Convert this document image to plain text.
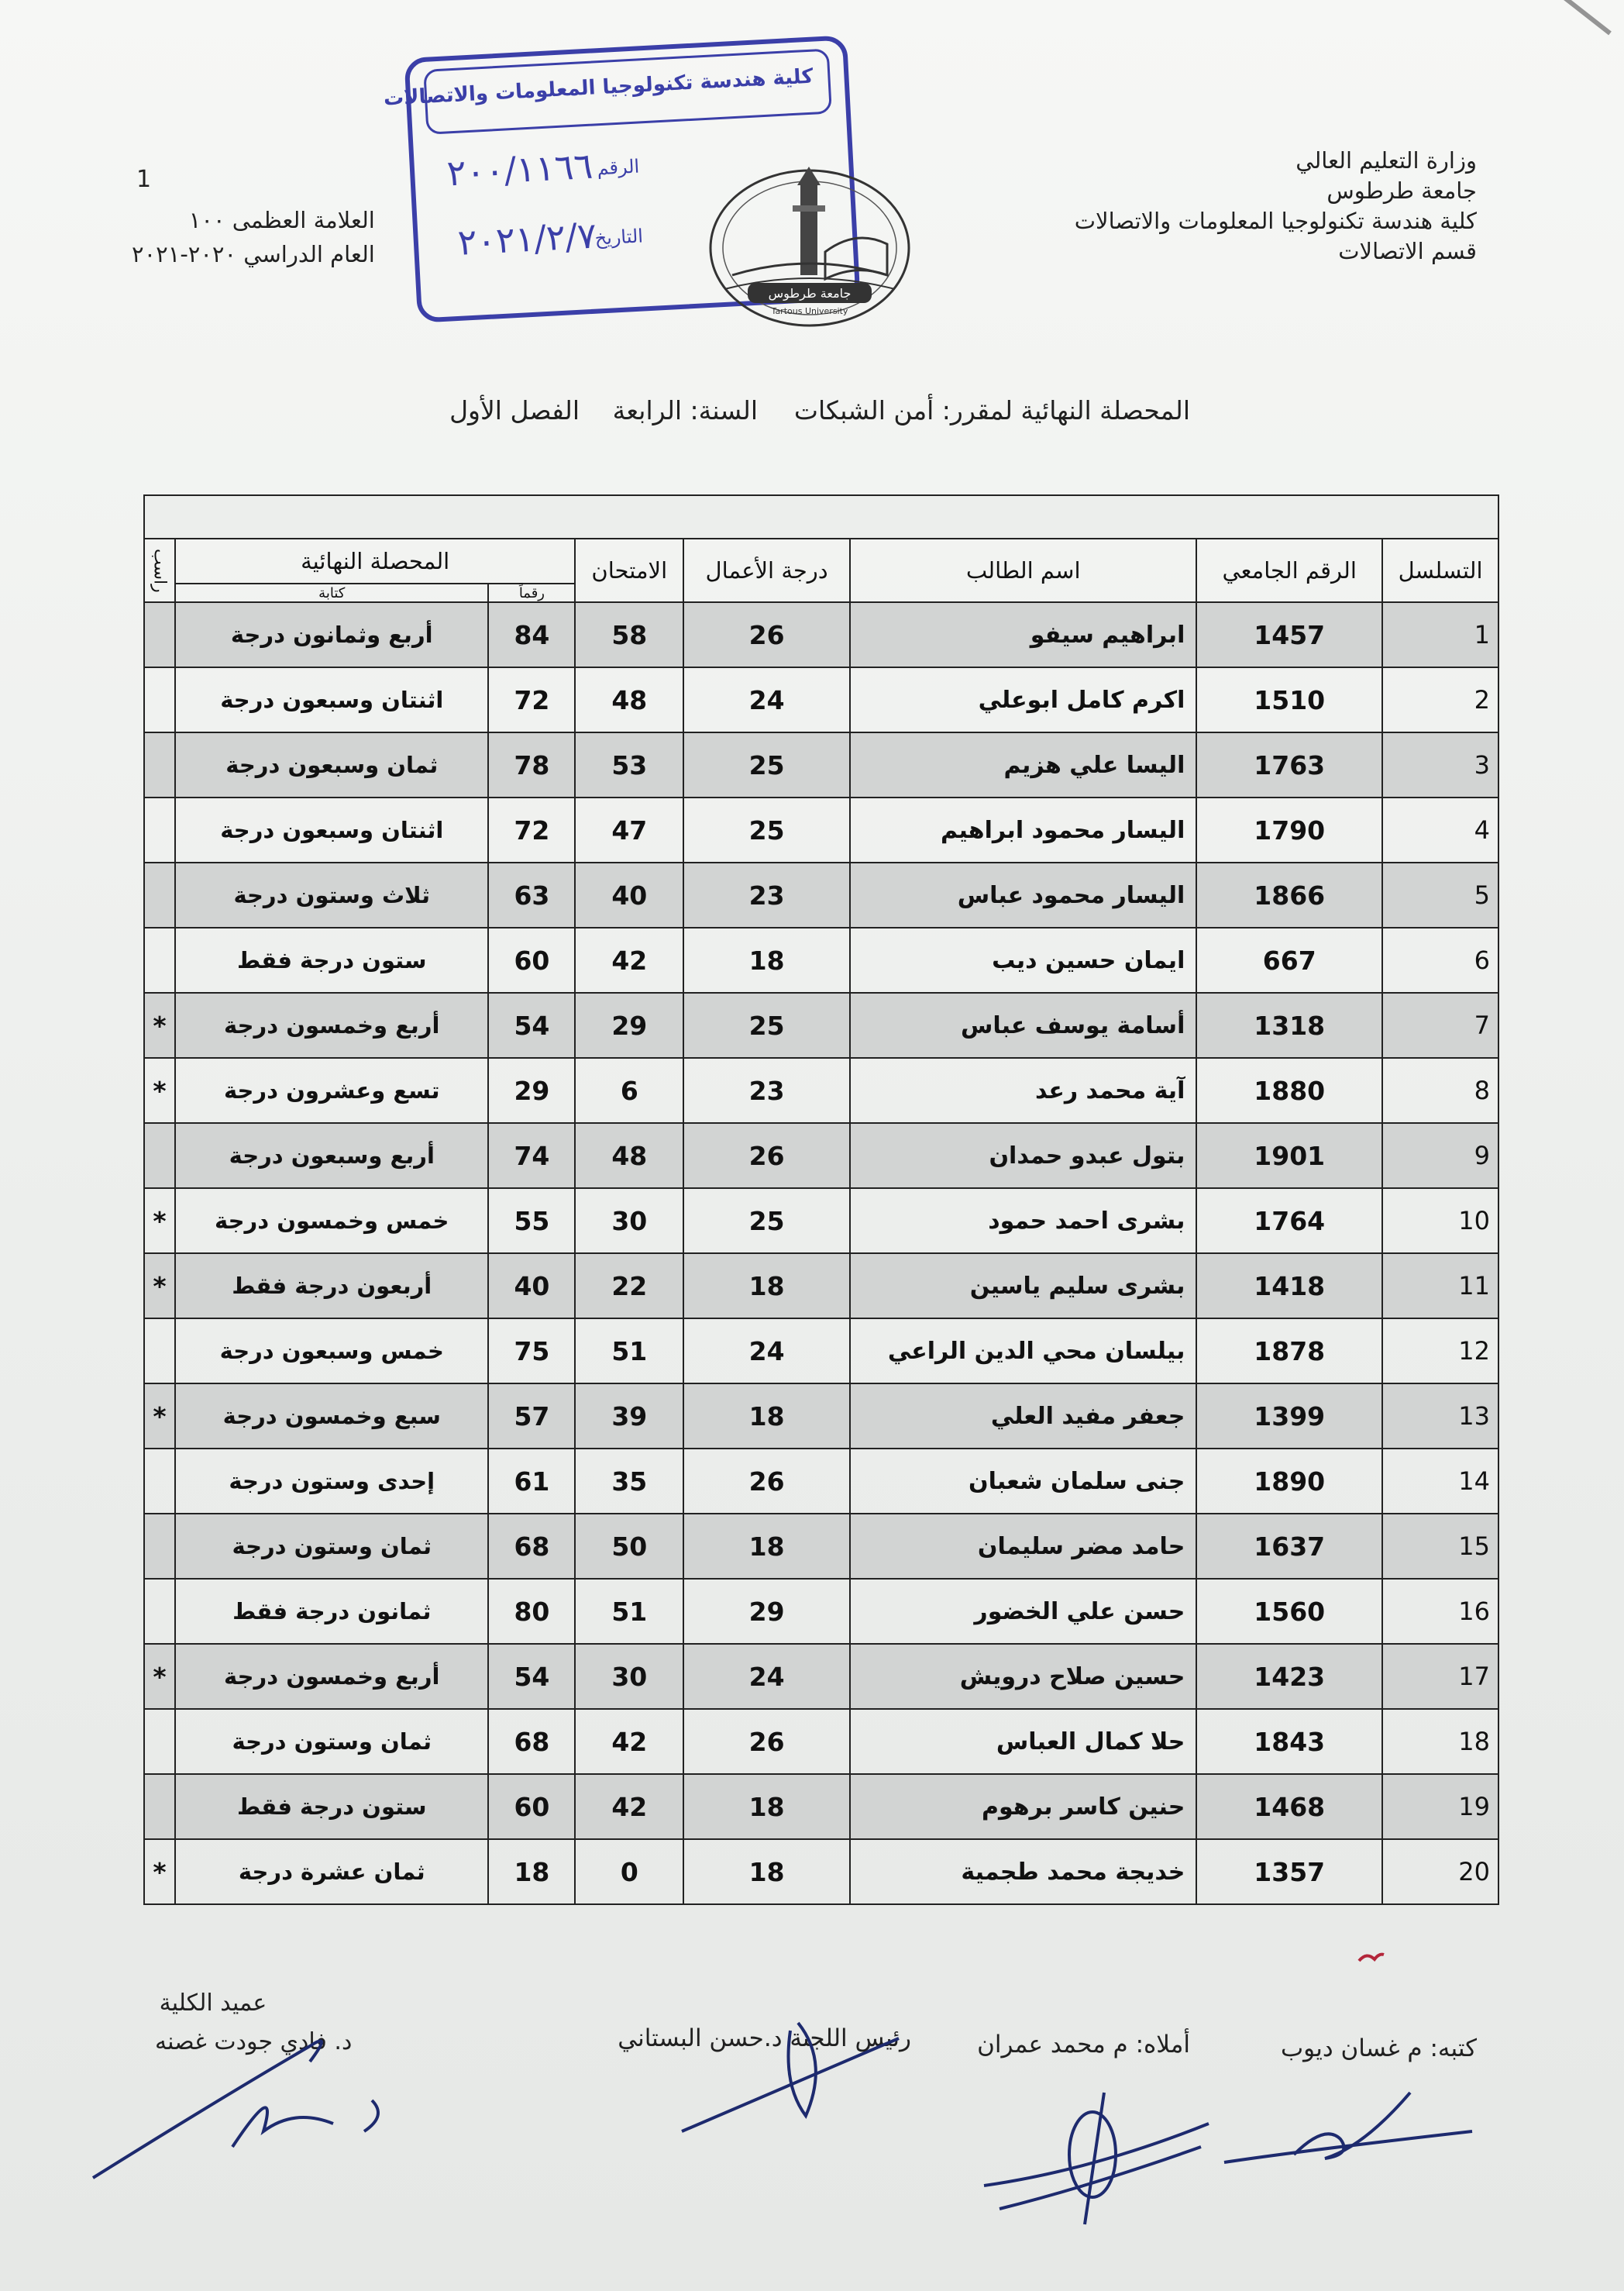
وزارة التعليم العالي
جامعة طرطوس
كلية هندسة تكنولوجيا المعلومات والاتصالات
قسم الاتصالات
1
العلامة العظمى ١٠٠
العام الدراسي ٢٠٢٠-٢٠٢١
كلية هندسة تكنولوجيا المعلومات والاتصالات
الرقم
٢٠٠/١١٦٦
التاريخ
٢٠٢١/٢/٧
جامعة طرطوس
Tartous University
المحصلة النهائية لمقرر: أمن الشبكات
السنة: الرابعة
الفصل الأول

التسلسل	الرقم الجامعي	اسم الطالب	درجة الأعمال	الامتحان	المحصلة النهائية		راسب
					رقماً	كتابة	
1	1457	ابراهيم سيفو	26	58	84	أربع وثمانون درجة	
2	1510	اكرم كامل ابوعلي	24	48	72	اثنتان وسبعون درجة	
3	1763	اليسا علي هزيم	25	53	78	ثمان وسبعون درجة	
4	1790	اليسار محمود ابراهيم	25	47	72	اثنتان وسبعون درجة	
5	1866	اليسار محمود عباس	23	40	63	ثلاث وستون درجة	
6	667	ايمان حسين ديب	18	42	60	ستون درجة فقط	
7	1318	أسامة يوسف عباس	25	29	54	أربع وخمسون درجة	*
8	1880	آية محمد رعد	23	6	29	تسع وعشرون درجة	*
9	1901	بتول عبدو حمدان	26	48	74	أربع وسبعون درجة	
10	1764	بشرى احمد حمود	25	30	55	خمس وخمسون درجة	*
11	1418	بشرى سليم ياسين	18	22	40	أربعون درجة فقط	*
12	1878	بيلسان محي الدين الراعي	24	51	75	خمس وسبعون درجة	
13	1399	جعفر مفيد العلي	18	39	57	سبع وخمسون درجة	*
14	1890	جنى سلمان شعبان	26	35	61	إحدى وستون درجة	
15	1637	حامد مضر سليمان	18	50	68	ثمان وستون درجة	
16	1560	حسن علي الخضور	29	51	80	ثمانون درجة فقط	
17	1423	حسين صلاح درويش	24	30	54	أربع وخمسون درجة	*
18	1843	حلا كمال العباس	26	42	68	ثمان وستون درجة	
19	1468	حنين كاسر برهوم	18	42	60	ستون درجة فقط	
20	1357	خديجة محمد طجمية	18	0	18	ثمان عشرة درجة	*
كتبه: م غسان ديوب
أملاه: م محمد عمران
رئيس اللجنة د.حسن البستاني
عميد الكلية
د. فادي جودت غصنه
